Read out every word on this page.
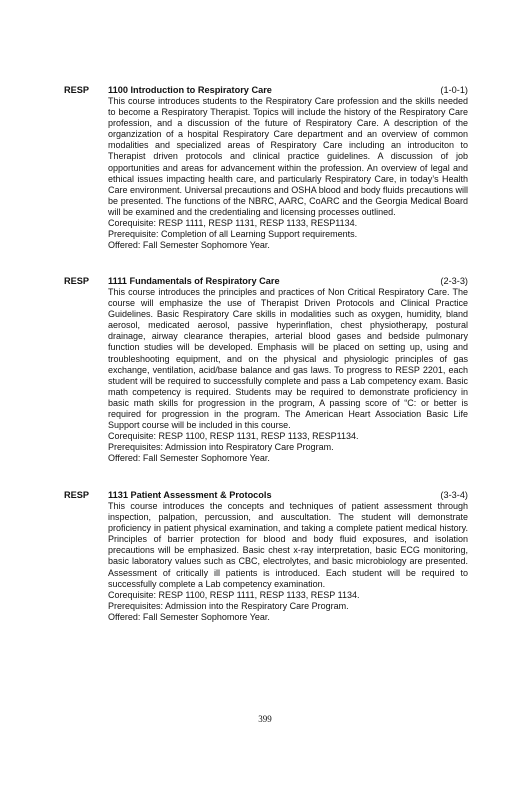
RESP 1100 Introduction to Respiratory Care	(1-0-1)

This course introduces students to the Respiratory Care profession and the skills needed to become a Respiratory Therapist. Topics will include the history of the Respiratory Care profession, and a discussion of the future of Respiratory Care. A description of the organzization of a hospital Respiratory Care department and an overview of common modalities and specialized areas of Respiratory Care including an introduciton to Therapist driven protocols and clinical practice guidelines. A discussion of job opportunities and areas for advancement within the profession. An overview of legal and ethical issues impacting health care, and particularly Respiratory Care, in today’s Health Care environment. Universal precautions and OSHA blood and body fluids precautions will be presented. The functions of the NBRC, AARC, CoARC and the Georgia Medical Board will be examined and the credentialing and licensing processes outlined.

Corequisite: RESP 1111, RESP 1131, RESP 1133, RESP1134.

Prerequisite: Completion of all Learning Support requirements.

Offered: Fall Semester Sophomore Year.

RESP 1111 Fundamentals of Respiratory Care	(2-3-3)

This course introduces the principles and practices of Non Critical Respiratory Care. The course will emphasize the use of Therapist Driven Protocols and Clinical Practice Guidelines. Basic Respiratory Care skills in modalities such as oxygen, humidity, bland aerosol, medicated aerosol, passive hyperinflation, chest physiotherapy, postural drainage, airway clearance therapies, arterial blood gases and bedside pulmonary function studies will be developed. Emphasis will be placed on setting up, using and troubleshooting equipment, and on the physical and physiologic principles of gas exchange, ventilation, acid/base balance and gas laws. To progress to RESP 2201, each student will be required to successfully complete and pass a Lab competency exam. Basic math competency is required. Students may be required to demonstrate proficiency in basic math skills for progression in the program, A passing score of “C: or better is required for progression in the program. The American Heart Association Basic Life Support course will be included in this course.

Corequisite: RESP 1100, RESP 1131, RESP 1133, RESP1134.

Prerequisites: Admission into Respiratory Care Program.

Offered: Fall Semester Sophomore Year.

RESP 1131 Patient Assessment & Protocols	(3-3-4)

This course introduces the concepts and techniques of patient assessment through inspection, palpation, percussion, and auscultation. The student will demonstrate proficiency in patient physical examination, and taking a complete patient medical history. Principles of barrier protection for blood and body fluid exposures, and isolation precautions will be emphasized. Basic chest x-ray interpretation, basic ECG monitoring, basic laboratory values such as CBC, electrolytes, and basic microbiology are presented. Assessment of critically ill patients is introduced. Each student will be required to successfully complete a Lab competency examination.

Corequisite: RESP 1100, RESP 1111, RESP 1133, RESP 1134.

Prerequisites: Admission into the Respiratory Care Program.

Offered: Fall Semester Sophomore Year.

399
